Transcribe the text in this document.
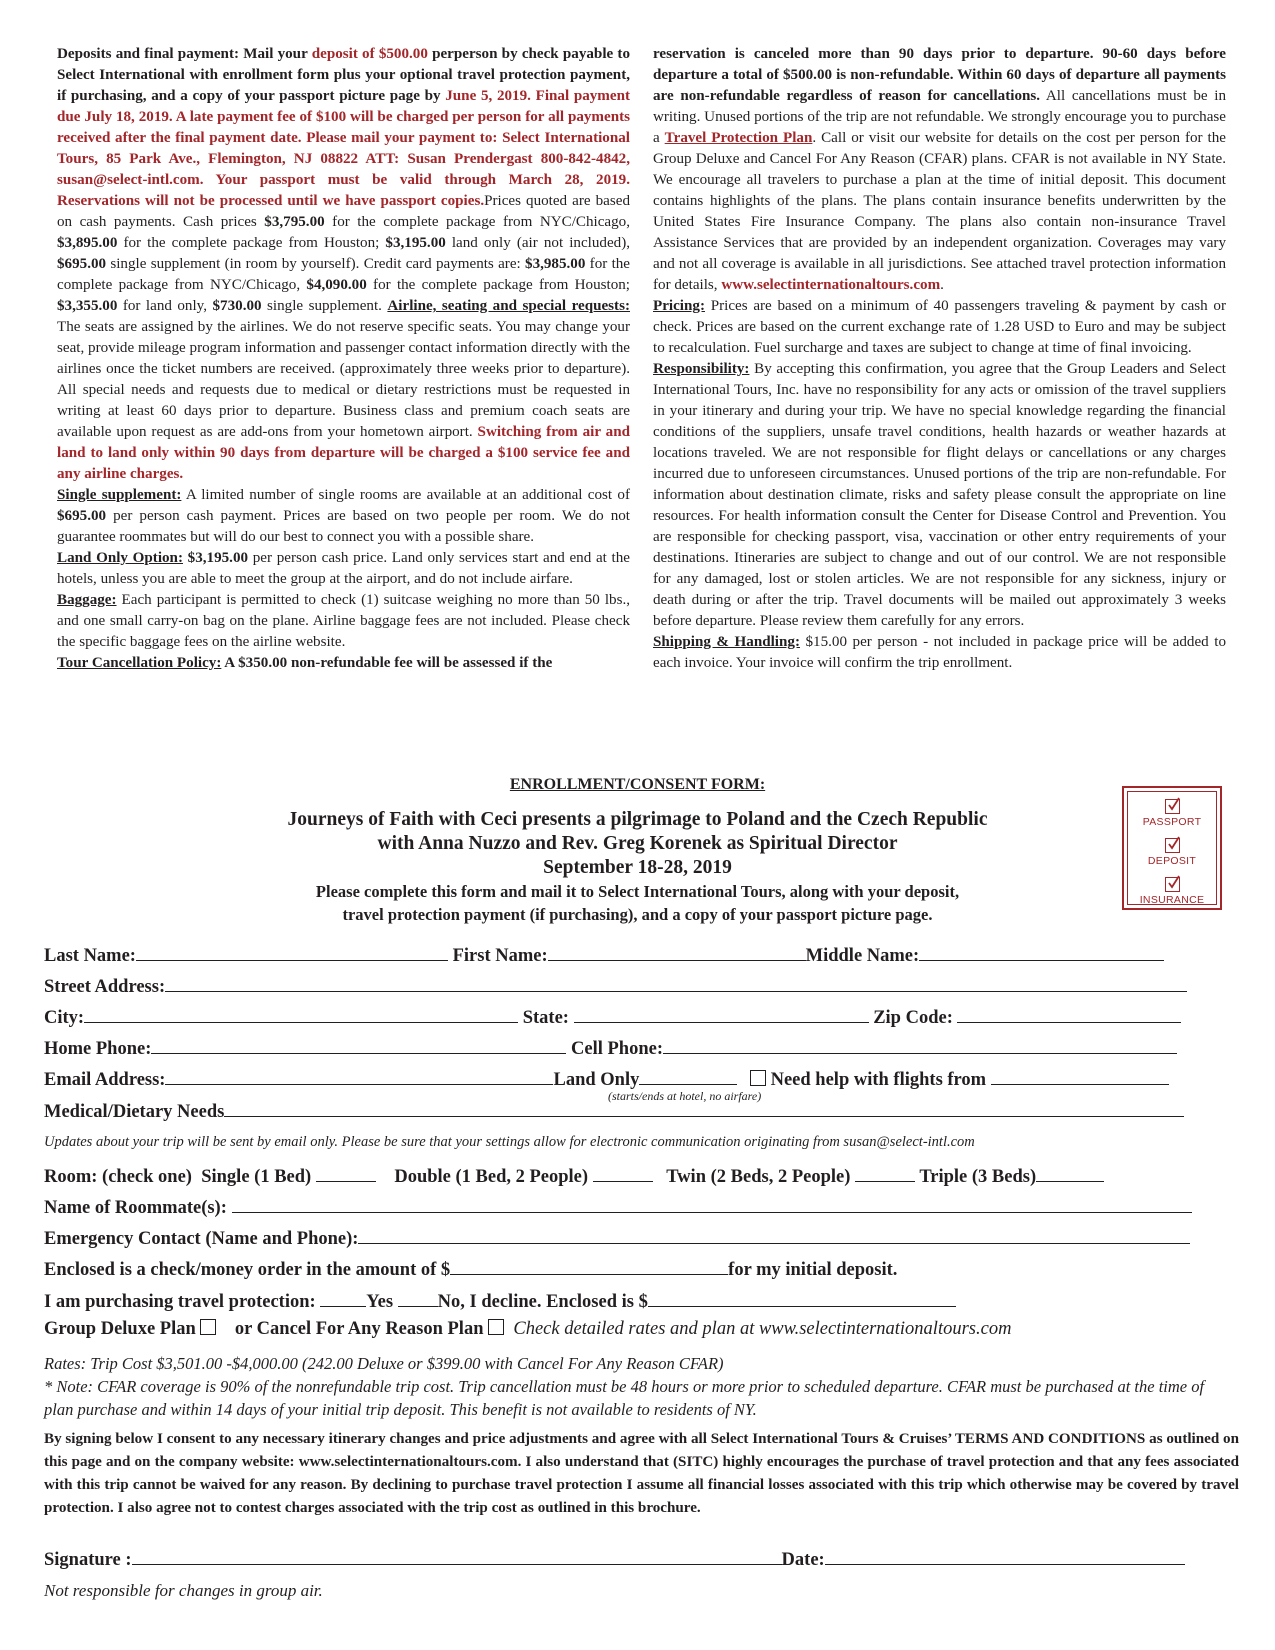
Deposits and final payment: Mail your deposit of $500.00 perperson by check payable to Select International with enrollment form plus your optional travel protection payment, if purchasing, and a copy of your passport picture page by June 5, 2019. Final payment due July 18, 2019. A late payment fee of $100 will be charged per person for all payments received after the final payment date. Please mail your payment to: Select International Tours, 85 Park Ave., Flemington, NJ 08822 ATT: Susan Prendergast 800-842-4842, susan@select-intl.com. Your passport must be valid through March 28, 2019. Reservations will not be processed until we have passport copies.Prices quoted are based on cash payments. Cash prices $3,795.00 for the complete package from NYC/Chicago, $3,895.00 for the complete package from Houston; $3,195.00 land only (air not included), $695.00 single supplement (in room by yourself). Credit card payments are: $3,985.00 for the complete package from NYC/Chicago, $4,090.00 for the complete package from Houston; $3,355.00 for land only, $730.00 single supplement. Airline, seating and special requests: The seats are assigned by the airlines. We do not reserve specific seats. You may change your seat, provide mileage program information and passenger contact information directly with the airlines once the ticket numbers are received. (approximately three weeks prior to departure). All special needs and requests due to medical or dietary restrictions must be requested in writing at least 60 days prior to departure. Business class and premium coach seats are available upon request as are add-ons from your hometown airport. Switching from air and land to land only within 90 days from departure will be charged a $100 service fee and any airline charges.

Single supplement: A limited number of single rooms are available at an additional cost of $695.00 per person cash payment. Prices are based on two people per room. We do not guarantee roommates but will do our best to connect you with a possible share.

Land Only Option: $3,195.00 per person cash price. Land only services start and end at the hotels, unless you are able to meet the group at the airport, and do not include airfare.

Baggage: Each participant is permitted to check (1) suitcase weighing no more than 50 lbs., and one small carry-on bag on the plane. Airline baggage fees are not included. Please check the specific baggage fees on the airline website.

Tour Cancellation Policy: A $350.00 non-refundable fee will be assessed if the

reservation is canceled more than 90 days prior to departure. 90-60 days before departure a total of $500.00 is non-refundable. Within 60 days of departure all payments are non-refundable regardless of reason for cancellations. All cancellations must be in writing. Unused portions of the trip are not refundable. We strongly encourage you to purchase a Travel Protection Plan. Call or visit our website for details on the cost per person for the Group Deluxe and Cancel For Any Reason (CFAR) plans. CFAR is not available in NY State. We encourage all travelers to purchase a plan at the time of initial deposit. This document contains highlights of the plans. The plans contain insurance benefits underwritten by the United States Fire Insurance Company. The plans also contain non-insurance Travel Assistance Services that are provided by an independent organization. Coverages may vary and not all coverage is available in all jurisdictions. See attached travel protection information for details, www.selectinternationaltours.com.

Pricing: Prices are based on a minimum of 40 passengers traveling & payment by cash or check. Prices are based on the current exchange rate of 1.28 USD to Euro and may be subject to recalculation. Fuel surcharge and taxes are subject to change at time of final invoicing.

Responsibility: By accepting this confirmation, you agree that the Group Leaders and Select International Tours, Inc. have no responsibility for any acts or omission of the travel suppliers in your itinerary and during your trip. We have no special knowledge regarding the financial conditions of the suppliers, unsafe travel conditions, health hazards or weather hazards at locations traveled. We are not responsible for flight delays or cancellations or any charges incurred due to unforeseen circumstances. Unused portions of the trip are non-refundable. For information about destination climate, risks and safety please consult the appropriate on line resources. For health information consult the Center for Disease Control and Prevention. You are responsible for checking passport, visa, vaccination or other entry requirements of your destinations. Itineraries are subject to change and out of our control. We are not responsible for any damaged, lost or stolen articles. We are not responsible for any sickness, injury or death during or after the trip. Travel documents will be mailed out approximately 3 weeks before departure. Please review them carefully for any errors.

Shipping & Handling: $15.00 per person - not included in package price will be added to each invoice. Your invoice will confirm the trip enrollment.

ENROLLMENT/CONSENT FORM:
Journeys of Faith with Ceci presents a pilgrimage to Poland and the Czech Republic
with Anna Nuzzo and Rev. Greg Korenek as Spiritual Director
September 18-28, 2019
Please complete this form and mail it to Select International Tours, along with your deposit,
travel protection payment (if purchasing), and a copy of your passport picture page.
PASSPORT
DEPOSIT
INSURANCE
Last Name:	First Name:	Middle Name:
Street Address:
City:	State:	Zip Code:
Home Phone:	Cell Phone:
Email Address:	Land Only	Need help with flights from
(starts/ends at hotel, no airfare)
Medical/Dietary Needs
Updates about your trip will be sent by email only. Please be sure that your settings allow for electronic communication originating from susan@select-intl.com
Room: (check one) Single (1 Bed)	Double (1 Bed, 2 People)	Twin (2 Beds, 2 People)	Triple (3 Beds)
Name of Roommate(s):
Emergency Contact (Name and Phone):
Enclosed is a check/money order in the amount of $	for my initial deposit.
I am purchasing travel protection:	Yes No, I decline. Enclosed is $
Group Deluxe Plan or Cancel For Any Reason Plan Check detailed rates and plan at www.selectinternationaltours.com
Rates: Trip Cost $3,501.00 -$4,000.00 (242.00 Deluxe or $399.00 with Cancel For Any Reason CFAR)
* Note: CFAR coverage is 90% of the nonrefundable trip cost. Trip cancellation must be 48 hours or more prior to scheduled departure. CFAR must be purchased at the time of plan purchase and within 14 days of your initial trip deposit. This benefit is not available to residents of NY.
By signing below I consent to any necessary itinerary changes and price adjustments and agree with all Select International Tours & Cruises’ TERMS AND CONDITIONS as outlined on this page and on the company website: www.selectinternationaltours.com. I also understand that (SITC) highly encourages the purchase of travel protection and that any fees associated with this trip cannot be waived for any reason. By declining to purchase travel protection I assume all financial losses associated with this trip which otherwise may be covered by travel protection. I also agree not to contest charges associated with the trip cost as outlined in this brochure.
Signature :	Date:
Not responsible for changes in group air.
